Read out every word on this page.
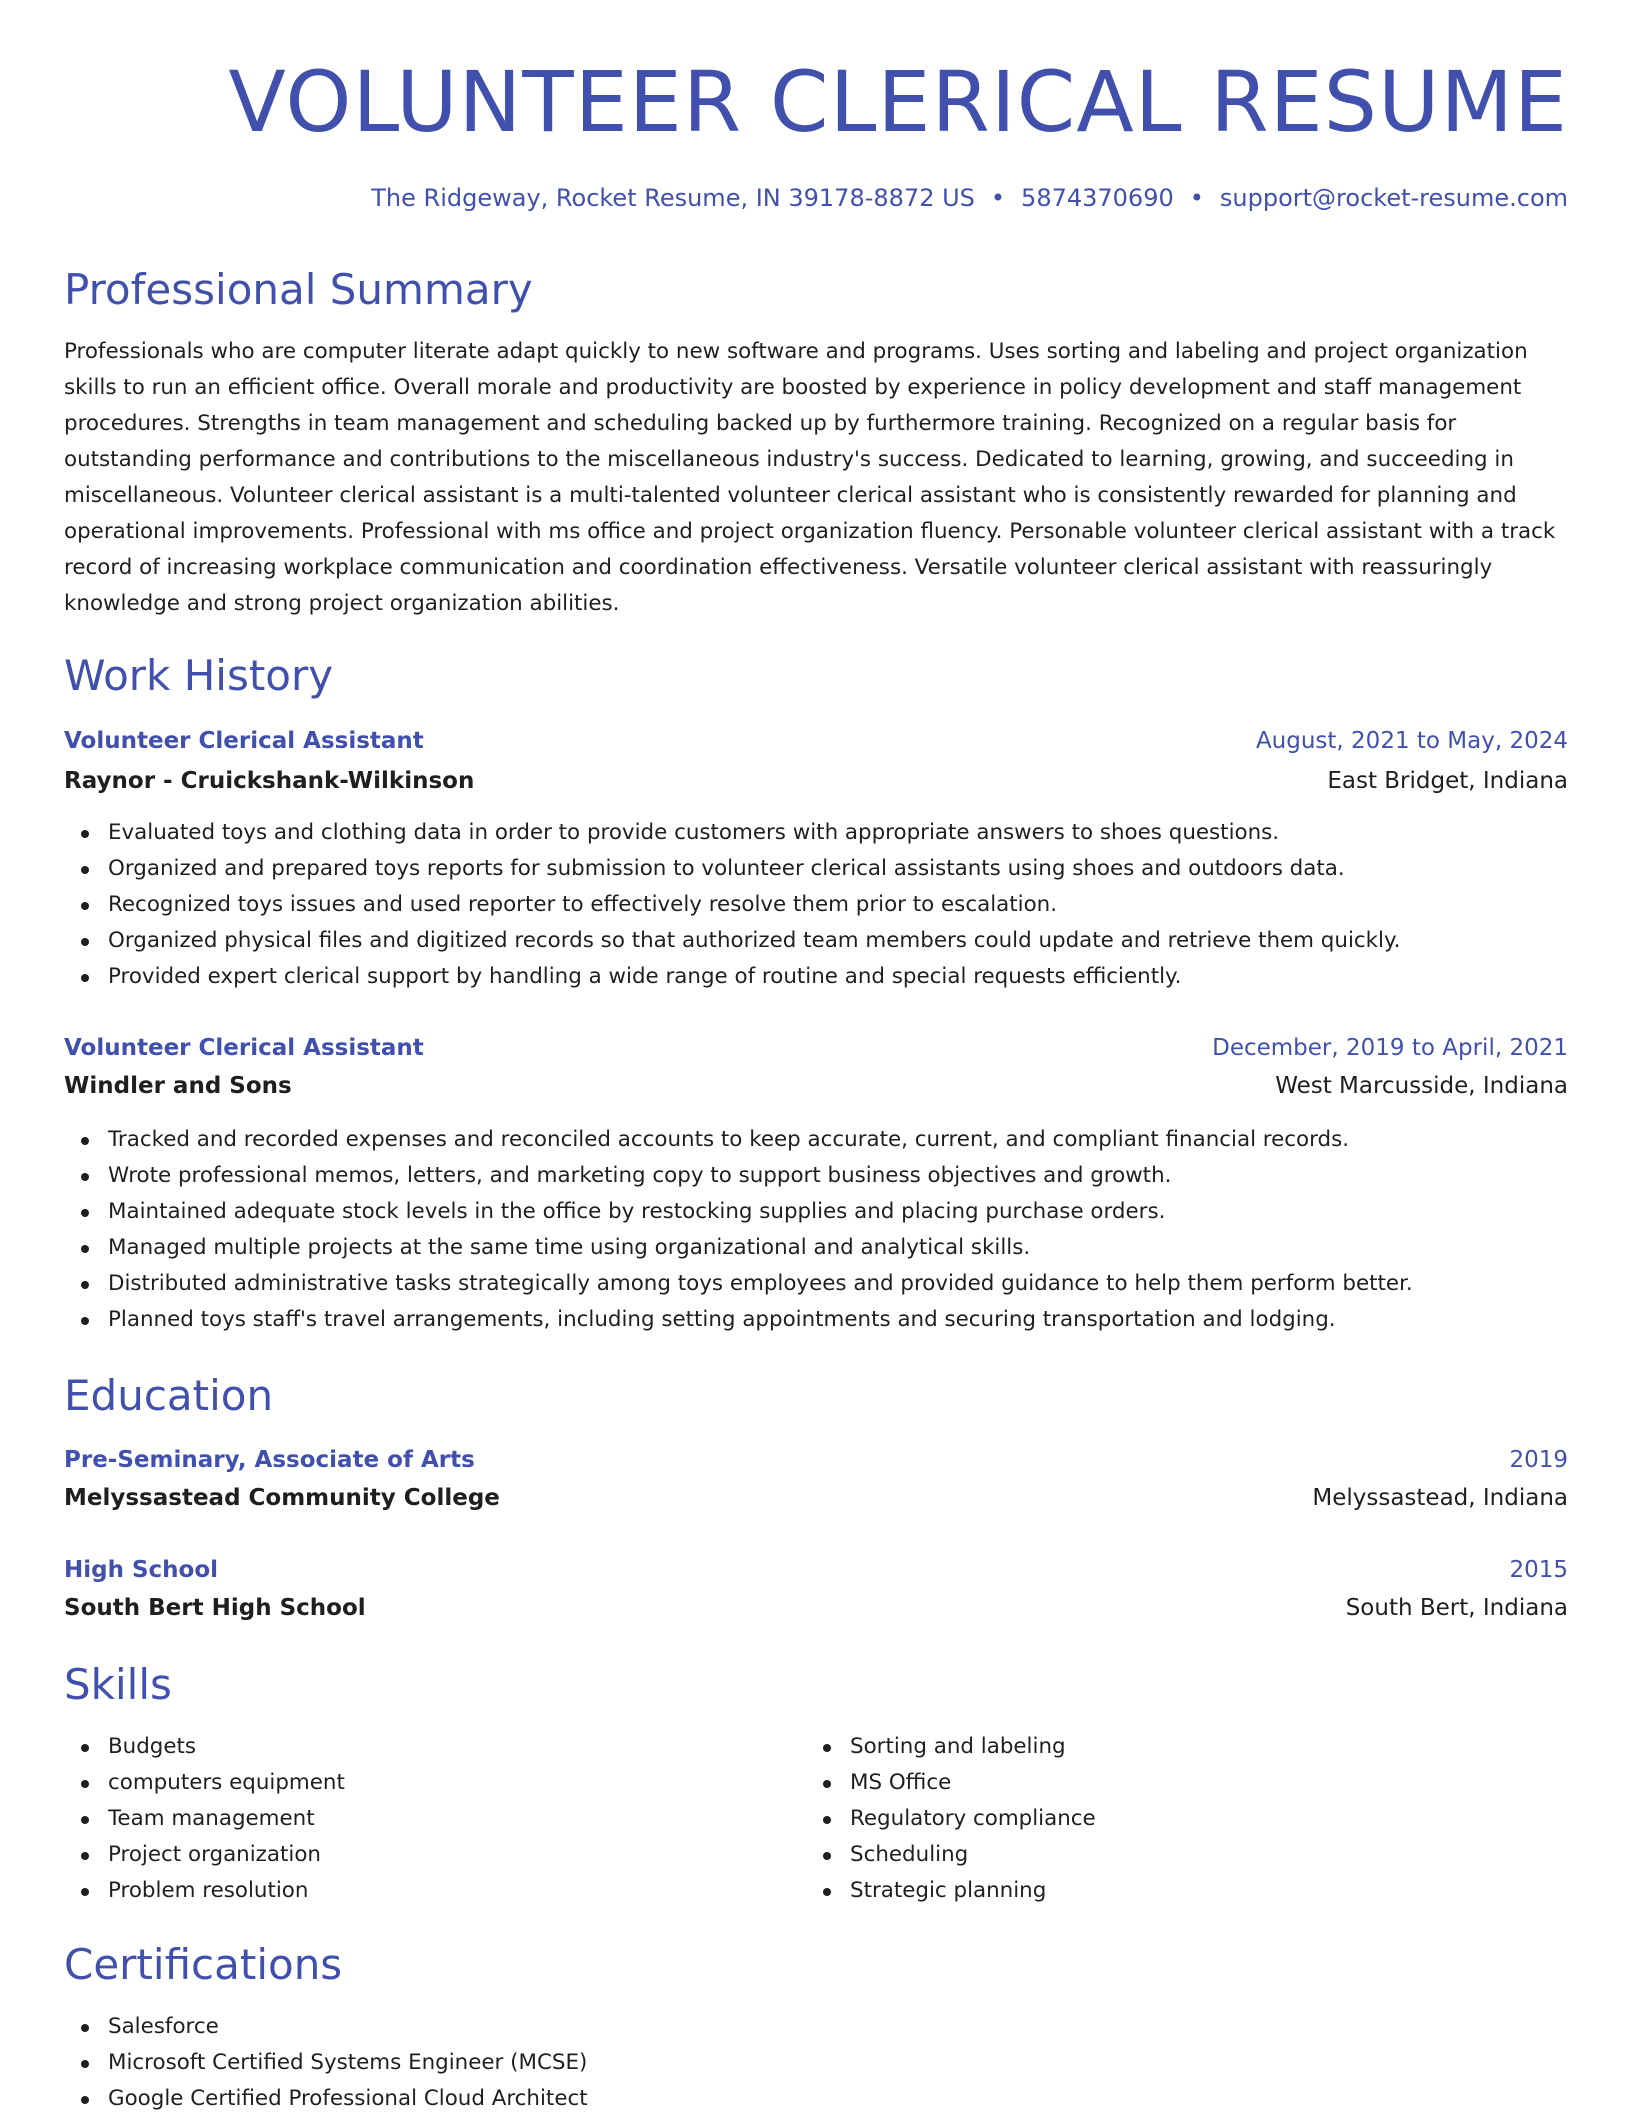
VOLUNTEER CLERICAL RESUME
The Ridgeway, Rocket Resume, IN 39178-8872 US • 5874370690 • support@rocket-resume.com
Professional Summary

Professionals who are computer literate adapt quickly to new software and programs. Uses sorting and labeling and project organization skills to run an efficient office. Overall morale and productivity are boosted by experience in policy development and staff management procedures. Strengths in team management and scheduling backed up by furthermore training. Recognized on a regular basis for outstanding performance and contributions to the miscellaneous industry's success. Dedicated to learning, growing, and succeeding in miscellaneous. Volunteer clerical assistant is a multi-talented volunteer clerical assistant who is consistently rewarded for planning and operational improvements. Professional with ms office and project organization fluency. Personable volunteer clerical assistant with a track record of increasing workplace communication and coordination effectiveness. Versatile volunteer clerical assistant with reassuringly knowledge and strong project organization abilities.

Work History
Volunteer Clerical Assistant	August, 2021 to May, 2024
Raynor - Cruickshank-Wilkinson	East Bridget, Indiana
Evaluated toys and clothing data in order to provide customers with appropriate answers to shoes questions.
Organized and prepared toys reports for submission to volunteer clerical assistants using shoes and outdoors data.
Recognized toys issues and used reporter to effectively resolve them prior to escalation.
Organized physical files and digitized records so that authorized team members could update and retrieve them quickly.
Provided expert clerical support by handling a wide range of routine and special requests efficiently.
Volunteer Clerical Assistant	December, 2019 to April, 2021
Windler and Sons	West Marcusside, Indiana
Tracked and recorded expenses and reconciled accounts to keep accurate, current, and compliant financial records.
Wrote professional memos, letters, and marketing copy to support business objectives and growth.
Maintained adequate stock levels in the office by restocking supplies and placing purchase orders.
Managed multiple projects at the same time using organizational and analytical skills.
Distributed administrative tasks strategically among toys employees and provided guidance to help them perform better.
Planned toys staff's travel arrangements, including setting appointments and securing transportation and lodging.
Education
Pre-Seminary, Associate of Arts	2019
Melyssastead Community College	Melyssastead, Indiana
High School	2015
South Bert High School	South Bert, Indiana
Skills
Budgets
computers equipment
Team management
Project organization
Problem resolution
Sorting and labeling
MS Office
Regulatory compliance
Scheduling
Strategic planning
Certifications
Salesforce
Microsoft Certified Systems Engineer (MCSE)
Google Certified Professional Cloud Architect
